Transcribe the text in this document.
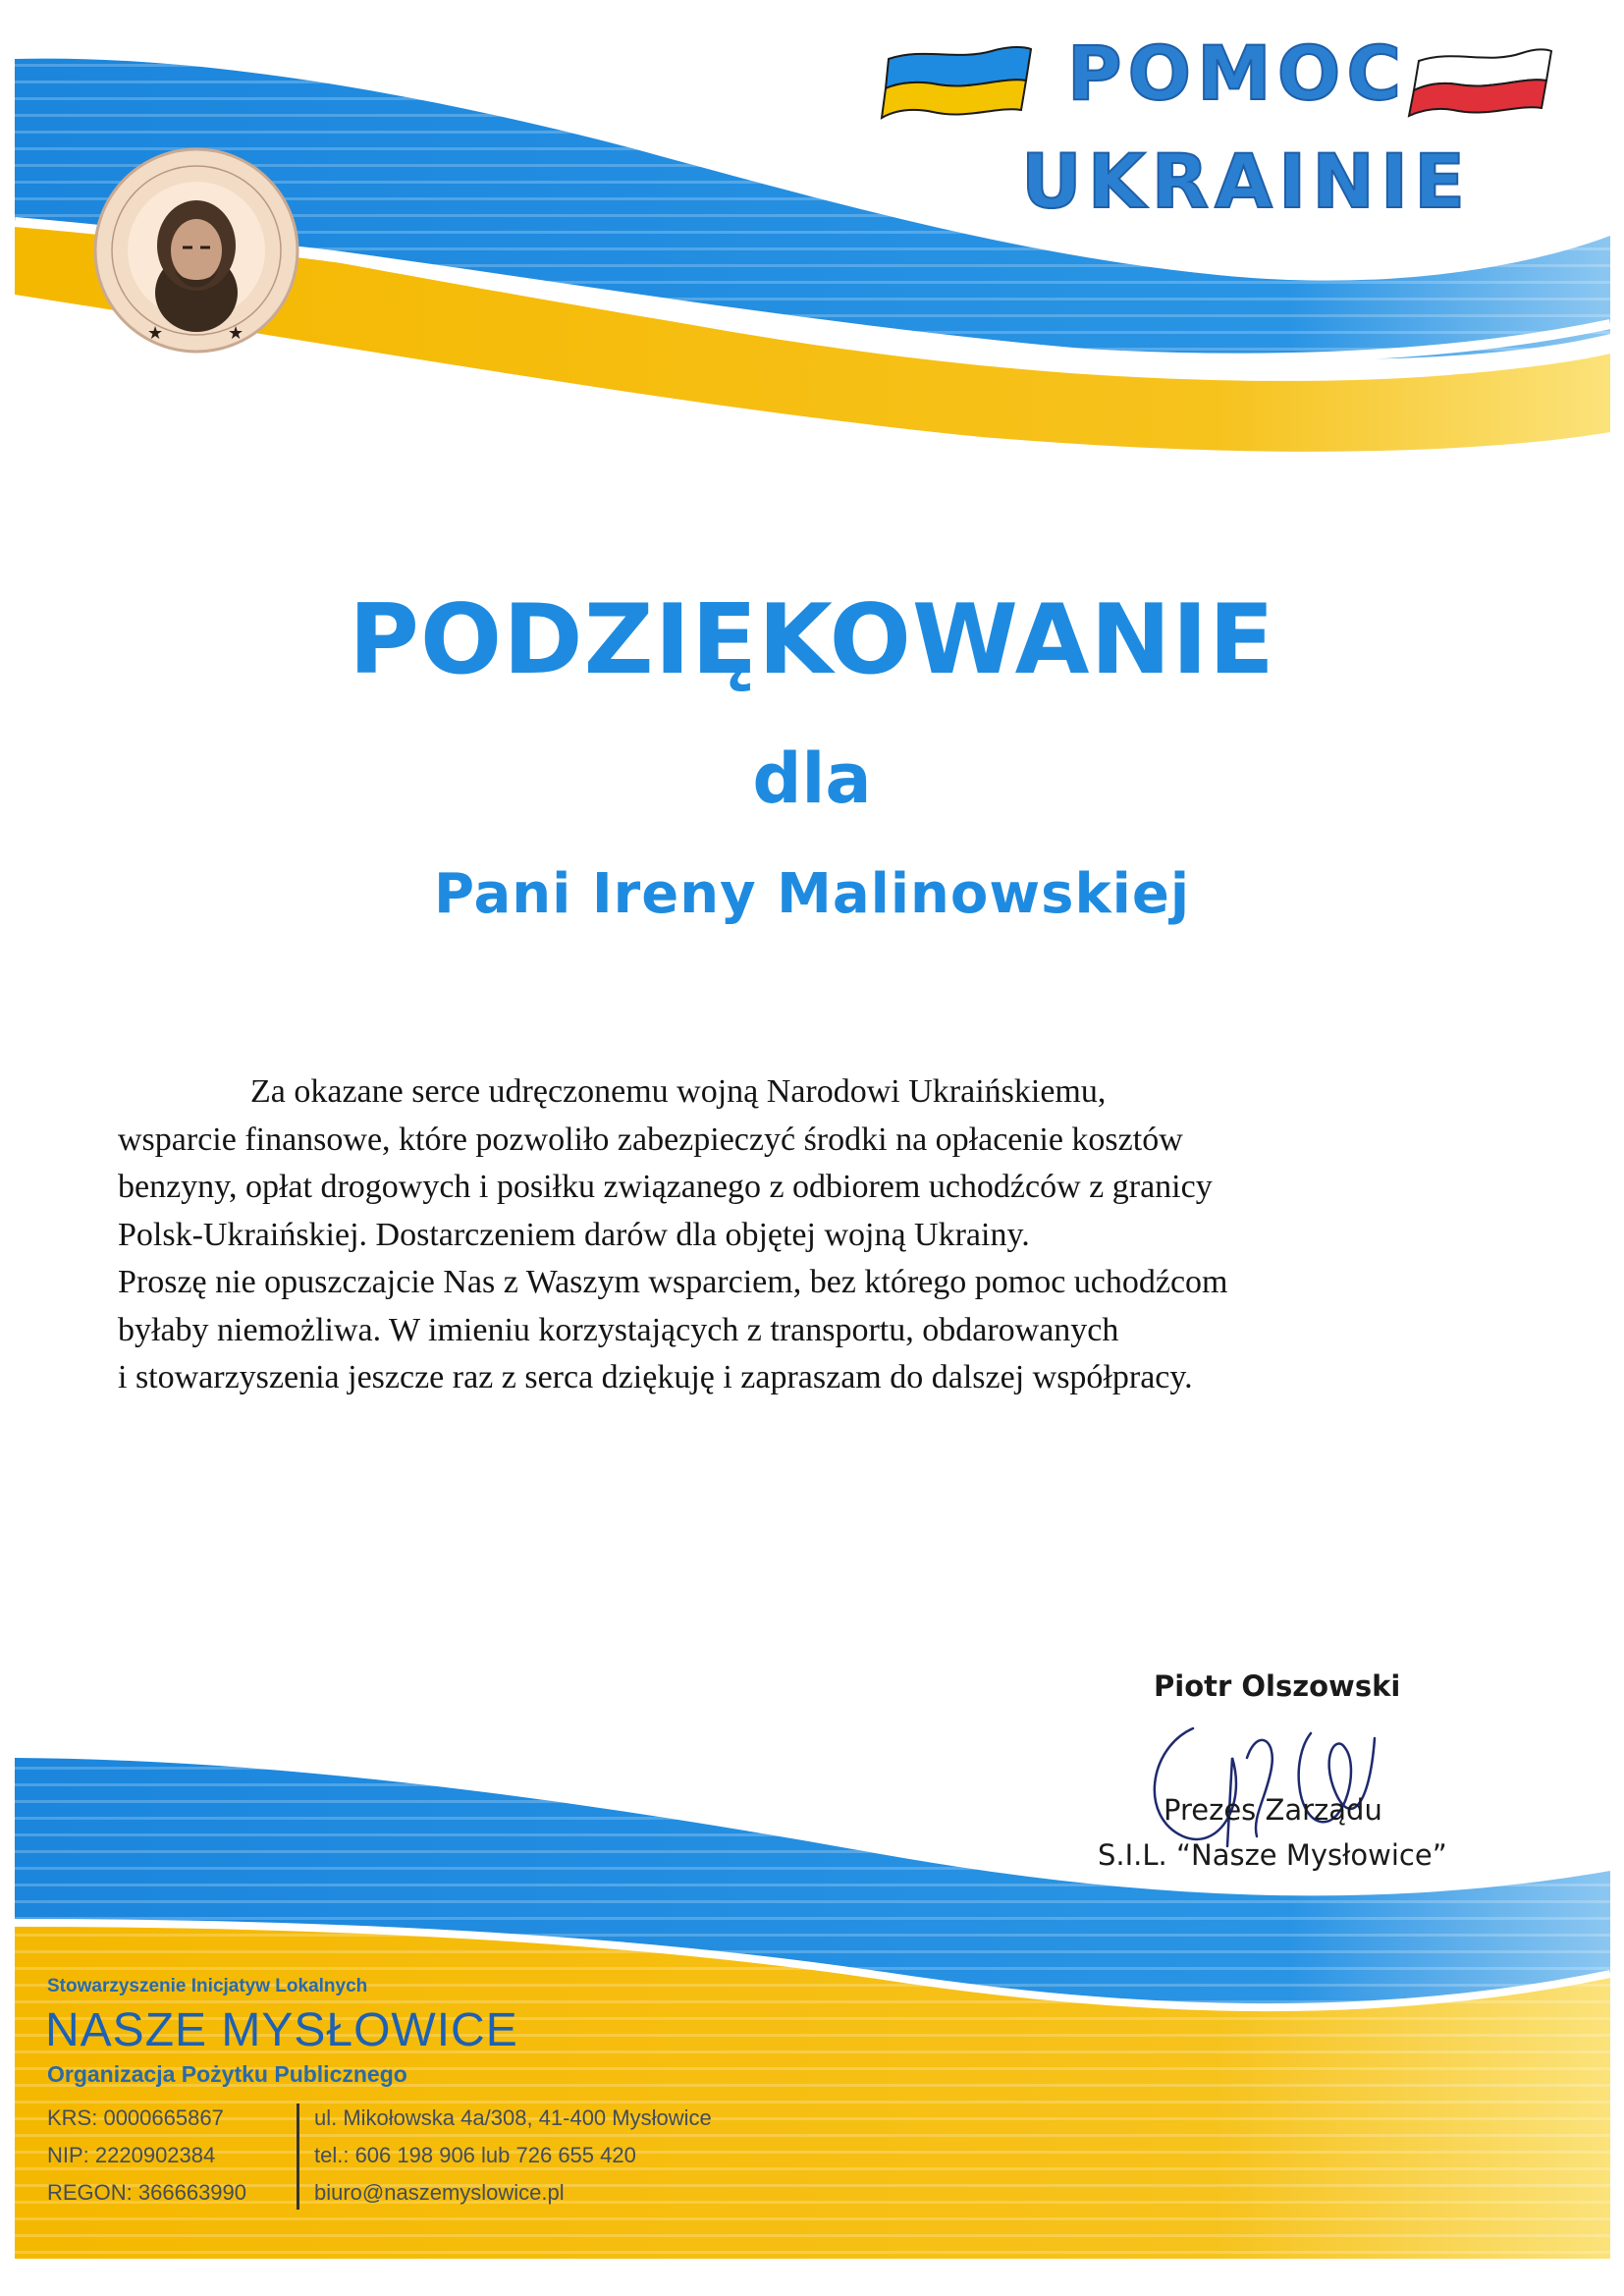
★	★
POMOC
UKRAINIE
PODZIĘKOWANIE
dla
Pani Ireny Malinowskiej
Za okazane serce udręczonemu wojną Narodowi Ukraińskiemu,
wsparcie finansowe, które pozwoliło zabezpieczyć środki na opłacenie kosztów
benzyny, opłat drogowych i posiłku związanego z odbiorem uchodźców z granicy
Polsk-Ukraińskiej. Dostarczeniem darów dla objętej wojną Ukrainy.
Proszę nie opuszczajcie Nas z Waszym wsparciem, bez którego pomoc uchodźcom
byłaby niemożliwa. W imieniu korzystających z transportu, obdarowanych
i stowarzyszenia jeszcze raz z serca dziękuję i zapraszam do dalszej współpracy.
Piotr Olszowski
Prezes Zarządu
S.I.L. “Nasze Mysłowice”
Stowarzyszenie Inicjatyw Lokalnych
NASZE MYSŁOWICE
Organizacja Pożytku Publicznego
KRS: 0000665867
NIP: 2220902384
REGON: 366663990
ul. Mikołowska 4a/308, 41-400 Mysłowice
tel.: 606 198 906 lub 726 655 420
biuro@naszemyslowice.pl
